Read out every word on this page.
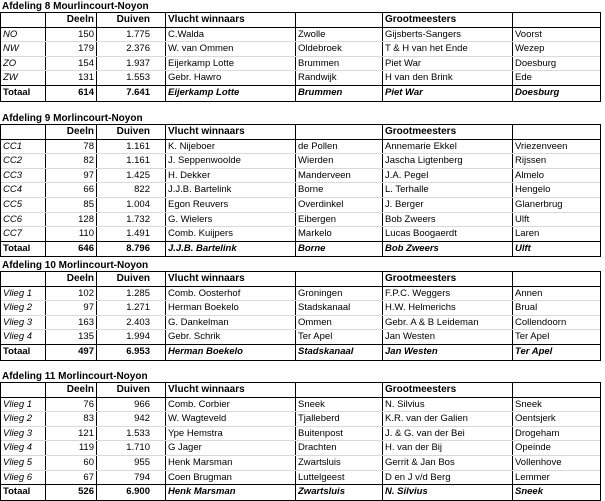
Afdeling 8 Mourlincourt-Noyon
Deeln	Duiven Vlucht winnaars	Grootmeesters
NO	150	1.775 C.Walda	Zwolle	Gijsberts-Sangers	Voorst
NW	179	2.376 W. van Ommen	Oldebroek	T & H van het Ende	Wezep
ZO	154	1.937 Eijerkamp Lotte	Brummen	Piet War	Doesburg
ZW	131	1.553 Gebr. Hawro	Randwijk	H van den Brink	Ede
Totaal	614	7.641 Eijerkamp Lotte	Brummen	Piet War	Doesburg
Afdeling 9 Morlincourt-Noyon
Deeln	Duiven Vlucht winnaars	Grootmeesters
CC1	78	1.161 K. Nijeboer	de Pollen	Annemarie Ekkel	Vriezenveen
CC2	82	1.161 J. Seppenwoolde	Wierden	Jascha Ligtenberg	Rijssen
CC3	97	1.425 H. Dekker	Manderveen	J.A. Pegel	Almelo
CC4	66	822 J.J.B. Bartelink	Borne	L. Terhalle	Hengelo
CC5	85	1.004 Egon Reuvers	Overdinkel	J. Berger	Glanerbrug
CC6	128	1.732 G. Wielers	Eibergen	Bob Zweers	Ulft
CC7	110	1.491 Comb. Kuijpers	Markelo	Lucas Boogaerdt	Laren
Totaal	646	8.796 J.J.B. Bartelink	Borne	Bob Zweers	Ulft
Afdeling 10 Morlincourt-Noyon
Deeln	Duiven Vlucht winnaars	Grootmeesters
Vlieg 1	102	1.285 Comb. Oosterhof	Groningen	F.P.C. Weggers	Annen
Vlieg 2	97	1.271 Herman Boekelo	Stadskanaal	H.W. Helmerichs	Brual
Vlieg 3	163	2.403 G. Dankelman	Ommen	Gebr. A & B Leideman	Collendoorn
Vlieg 4	135	1.994 Gebr. Schrik	Ter Apel	Jan Westen	Ter Apel
Totaal	497	6.953 Herman Boekelo	Stadskanaal	Jan Westen	Ter Apel
Afdeling 11 Morlincourt-Noyon
Deeln	Duiven Vlucht winnaars	Grootmeesters
Vlieg 1	76	966 Comb. Corbier	Sneek	N. Silvius	Sneek
Vlieg 2	83	942 W. Wagteveld	Tjalleberd	K.R. van der Galien	Oentsjerk
Vlieg 3	121	1.533 Ype Hemstra	Buitenpost	J. & G. van der Bei	Drogeham
Vlieg 4	119	1.710 G Jager	Drachten	H. van der Bij	Opeinde
Vlieg 5	60	955 Henk Marsman	Zwartsluis	Gerrit & Jan Bos	Vollenhove
Vlieg 6	67	794 Coen Brugman	Luttelgeest	D en J v/d Berg	Lemmer
Totaal	526	6.900 Henk Marsman	Zwartsluis	N. Silvius	Sneek
